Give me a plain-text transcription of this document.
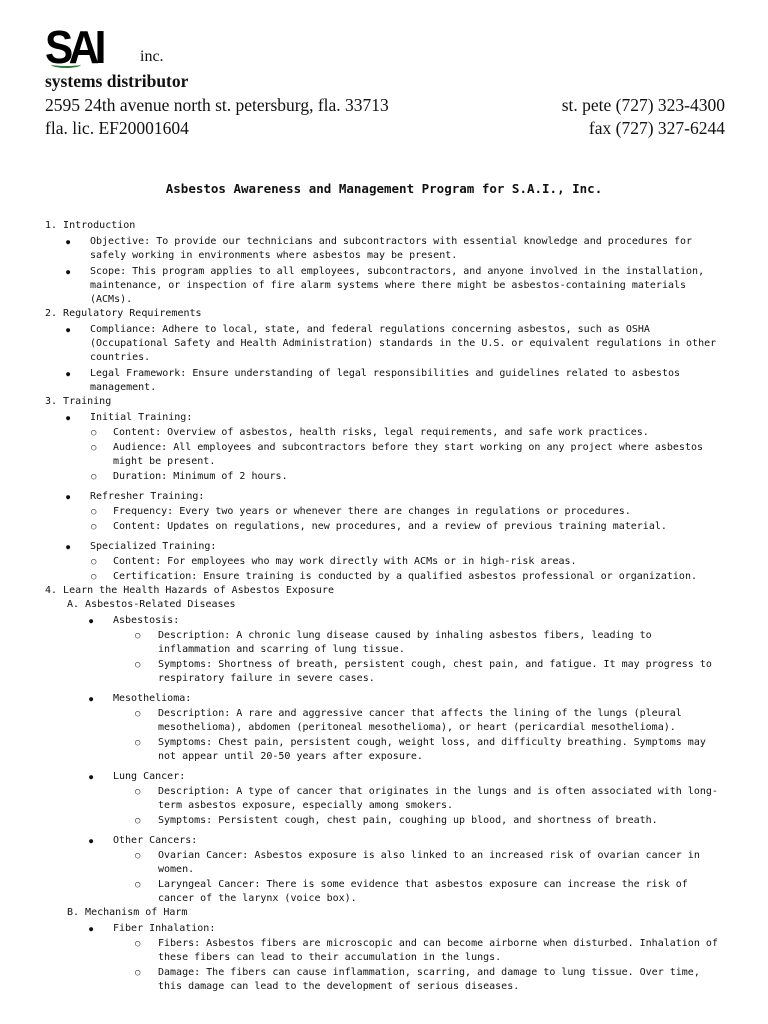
SAI inc.
systems distributor
2595 24th avenue north st. petersburg, fla. 33713	st. pete (727) 323-4300
fla. lic. EF20001604	fax (727) 327-6244
Asbestos Awareness and Management Program for S.A.I., Inc.
1. Introduction
● Objective: To provide our technicians and subcontractors with essential knowledge and procedures for safely working in environments where asbestos may be present.
● Scope: This program applies to all employees, subcontractors, and anyone involved in the installation, maintenance, or inspection of fire alarm systems where there might be asbestos-containing materials (ACMs).
2. Regulatory Requirements
● Compliance: Adhere to local, state, and federal regulations concerning asbestos, such as OSHA (Occupational Safety and Health Administration) standards in the U.S. or equivalent regulations in other countries.
● Legal Framework: Ensure understanding of legal responsibilities and guidelines related to asbestos management.
3. Training
● Initial Training:
○ Content: Overview of asbestos, health risks, legal requirements, and safe work practices.
○ Audience: All employees and subcontractors before they start working on any project where asbestos might be present.
○ Duration: Minimum of 2 hours.
● Refresher Training:
○ Frequency: Every two years or whenever there are changes in regulations or procedures.
○ Content: Updates on regulations, new procedures, and a review of previous training material.
● Specialized Training:
○ Content: For employees who may work directly with ACMs or in high-risk areas.
○ Certification: Ensure training is conducted by a qualified asbestos professional or organization.
4. Learn the Health Hazards of Asbestos Exposure
A. Asbestos-Related Diseases
● Asbestosis:
○ Description: A chronic lung disease caused by inhaling asbestos fibers, leading to inflammation and scarring of lung tissue.
○ Symptoms: Shortness of breath, persistent cough, chest pain, and fatigue. It may progress to respiratory failure in severe cases.
● Mesothelioma:
○ Description: A rare and aggressive cancer that affects the lining of the lungs (pleural mesothelioma), abdomen (peritoneal mesothelioma), or heart (pericardial mesothelioma).
○ Symptoms: Chest pain, persistent cough, weight loss, and difficulty breathing. Symptoms may not appear until 20-50 years after exposure.
● Lung Cancer:
○ Description: A type of cancer that originates in the lungs and is often associated with long-term asbestos exposure, especially among smokers.
○ Symptoms: Persistent cough, chest pain, coughing up blood, and shortness of breath.
● Other Cancers:
○ Ovarian Cancer: Asbestos exposure is also linked to an increased risk of ovarian cancer in women.
○ Laryngeal Cancer: There is some evidence that asbestos exposure can increase the risk of cancer of the larynx (voice box).
B. Mechanism of Harm
● Fiber Inhalation:
○ Fibers: Asbestos fibers are microscopic and can become airborne when disturbed. Inhalation of these fibers can lead to their accumulation in the lungs.
○ Damage: The fibers can cause inflammation, scarring, and damage to lung tissue. Over time, this damage can lead to the development of serious diseases.
